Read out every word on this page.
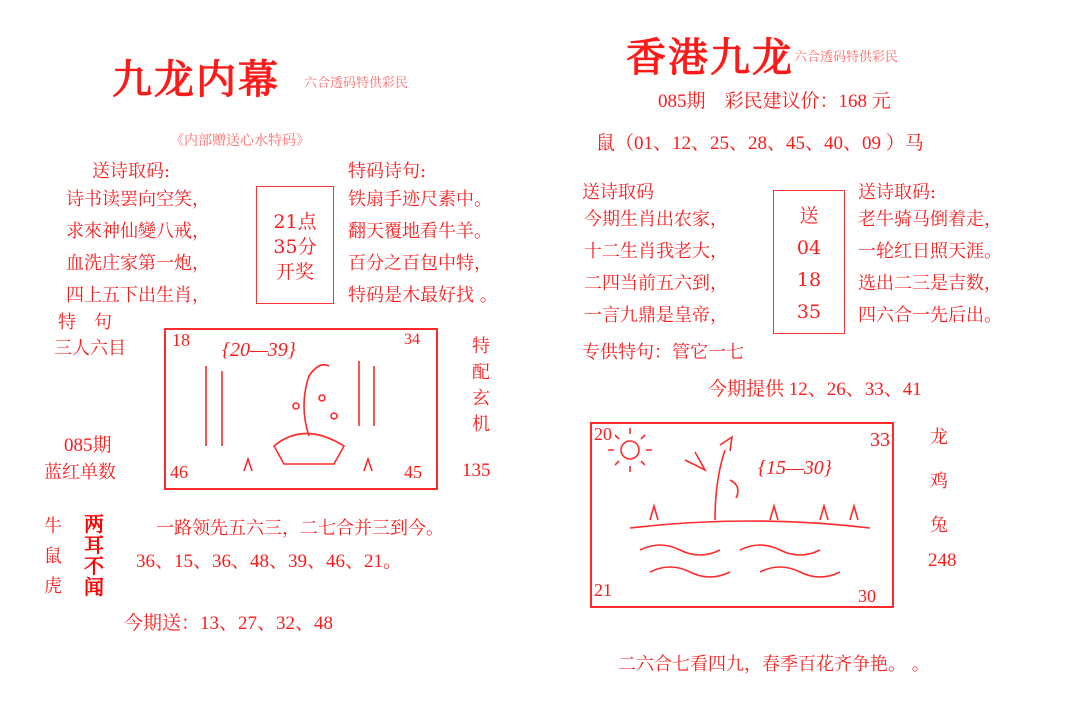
九龙内幕 六合透码特供彩民
《内部赠送心水特码》
送诗取码:
诗书读罢向空笑，
求來神仙變八戒，
血洗庄家第一炮，
四上五下出生肖，
21点
35分
开奖
特码诗句:
铁扇手迹尺素中。
翻天覆地看牛羊。
百分之百包中特，
特码是木最好找 。
特　句
三人六目	18 {20—39}	34
46	45
特
配
玄
机
085期
蓝红单数	135
牛
鼠
虎
两
耳
不
闻
一路领先五六三，二七合并三到今。
36、15、36、48、39、46、21。
今期送：13、27、32、48
香港九龙 六合透码特供彩民
085期　彩民建议价：168 元
鼠（01、12、25、28、45、40、09 ）马
送诗取码
今期生肖出农家，
十二生肖我老大，
二四当前五六到，
一言九鼎是皇帝，
送
04
18
35
送诗取码:
老牛骑马倒着走，
一轮红日照天涯。
选出二三是吉数，
四六合一先后出。
专供特句：管它一七
今期提供 12、26、33、41
20
{15—30}
33
21	30
龙
鸡
兔
248
二六合七看四九，春季百花齐争艳。 。
